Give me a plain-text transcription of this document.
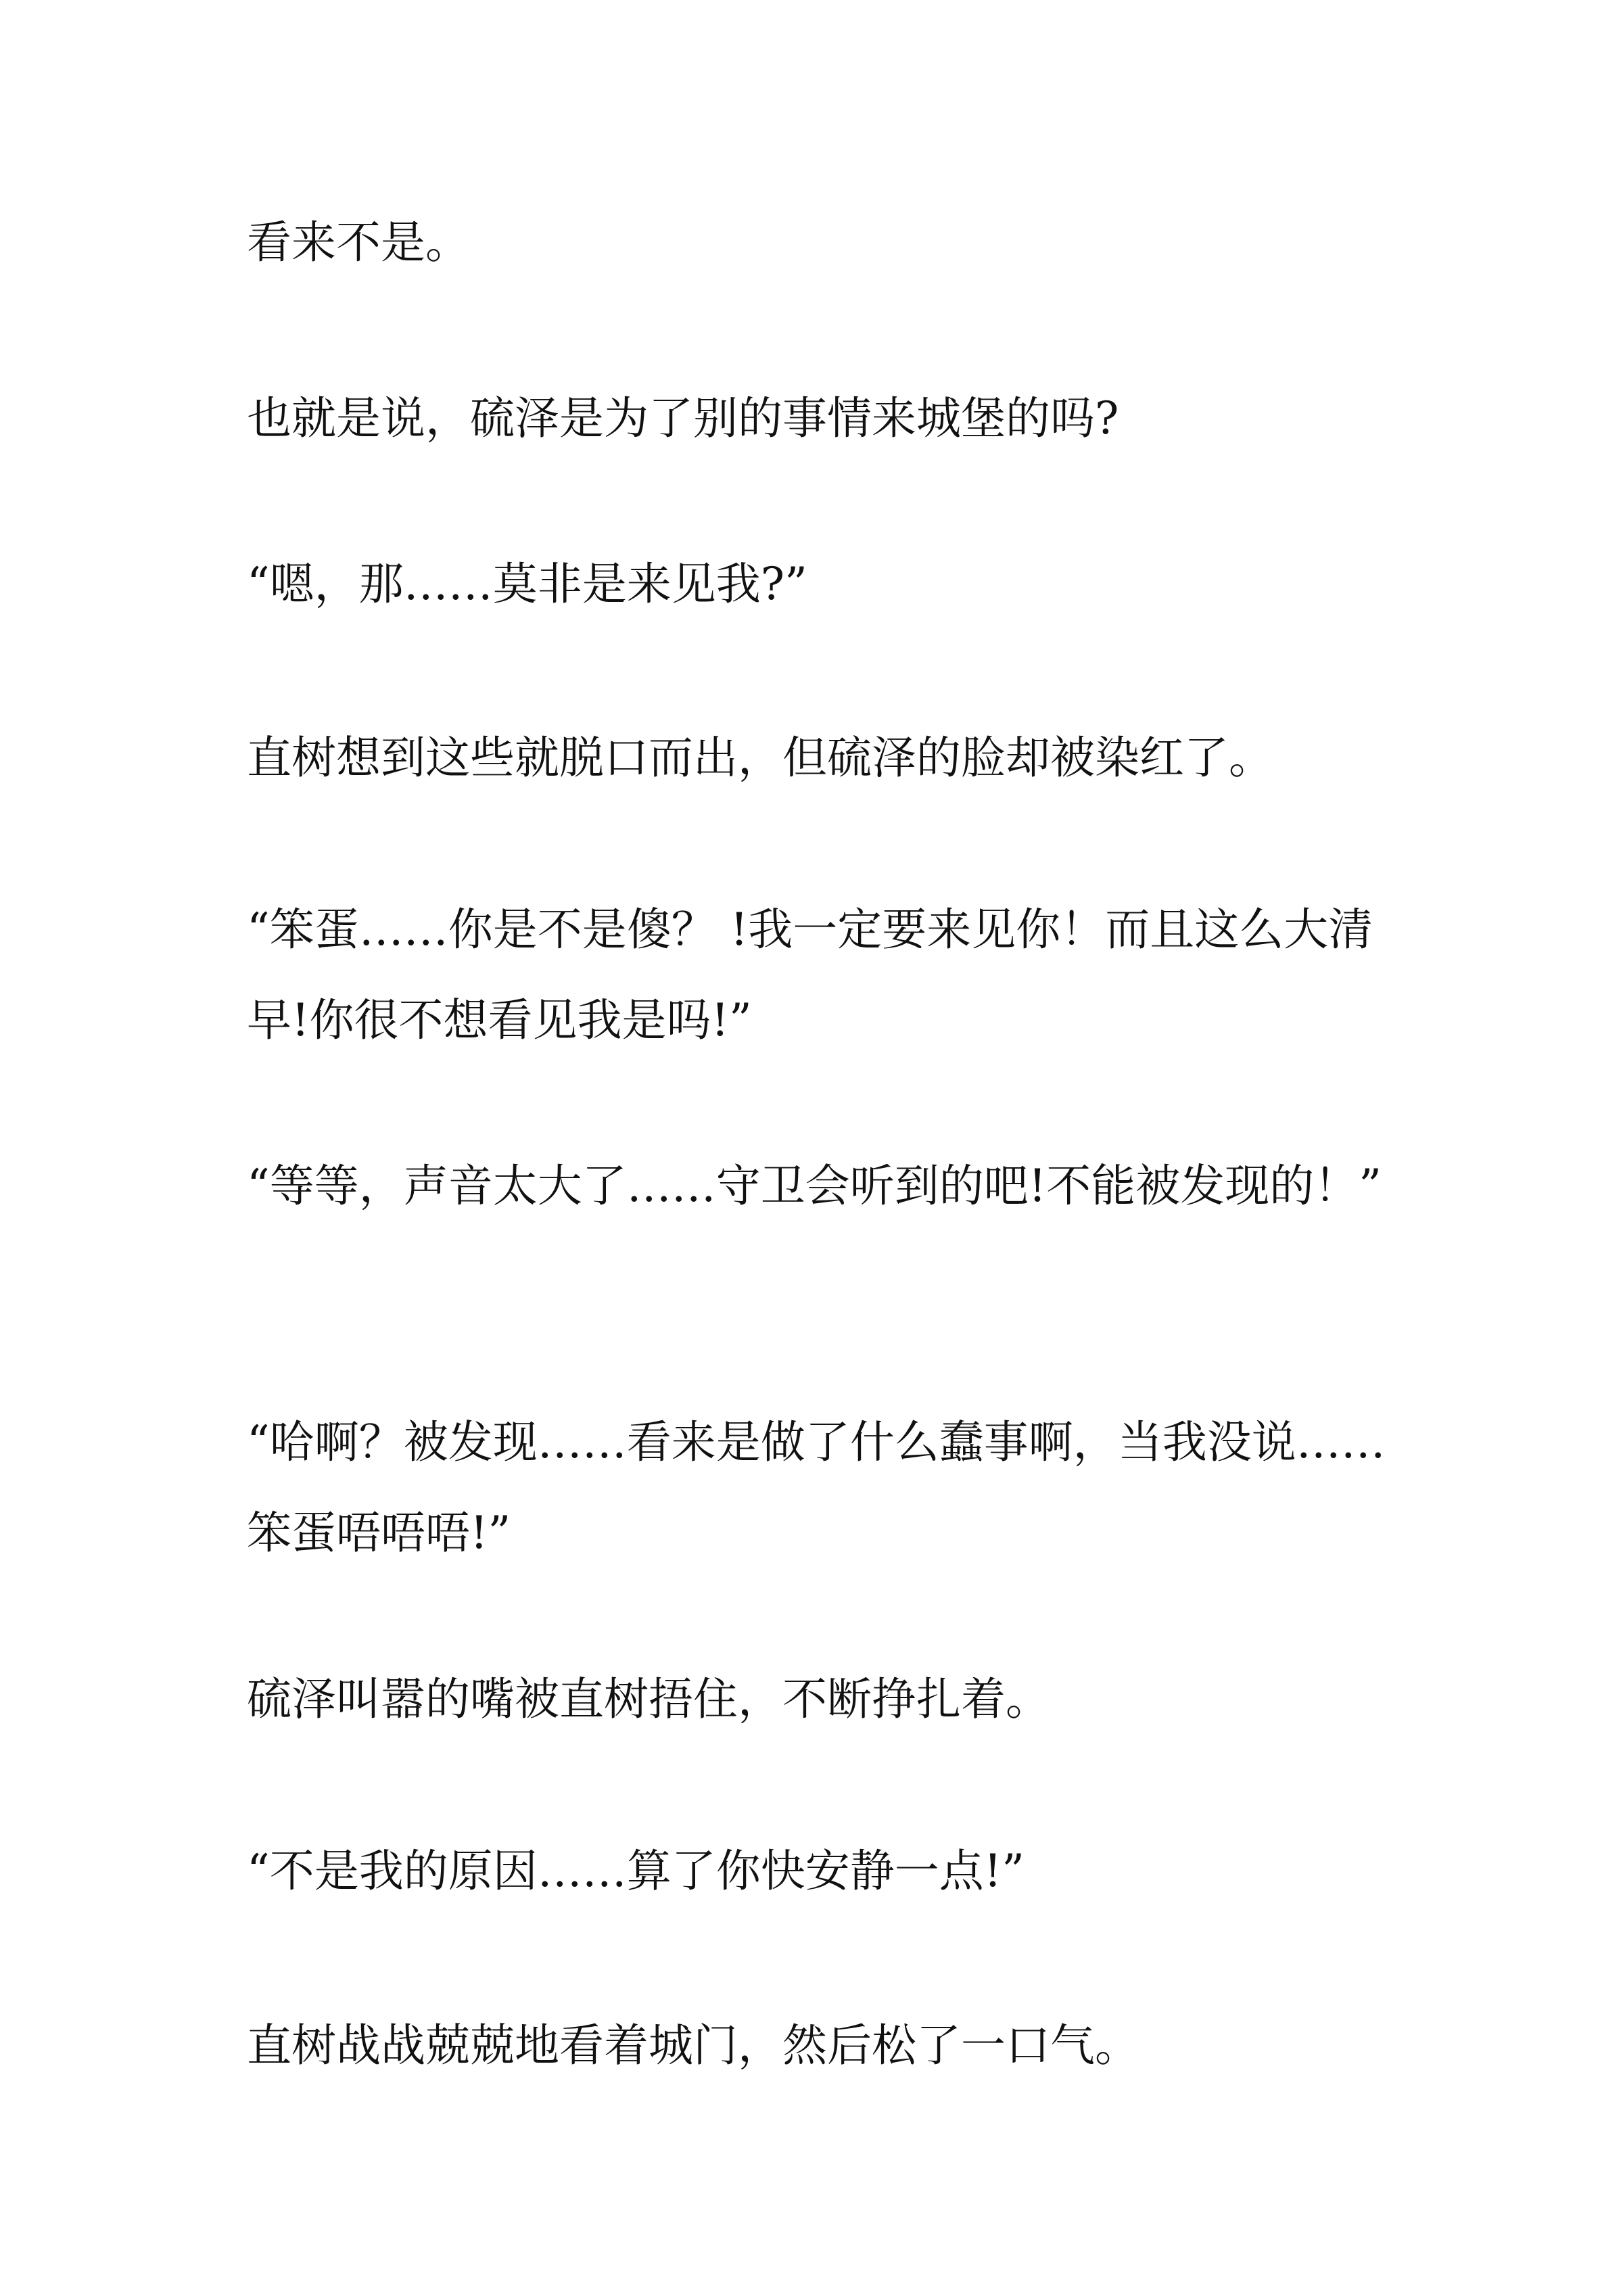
看来不是。

也就是说，硫泽是为了别的事情来城堡的吗?

“嗯，那……莫非是来见我?”

直树想到这些就脱口而出，但硫泽的脸却被染红了。

“笨蛋……你是不是傻？ !我一定要来见你！而且这么大清早!你很不想看见我是吗!”

“等等，声音太大了……守卫会听到的吧!不能被发现的！”

“哈啊？被发现……看来是做了什么蠢事啊，当我没说……笨蛋唔唔唔!”

硫泽叫嚣的嘴被直树捂住，不断挣扎着。

“不是我的原因……算了你快安静一点!”

直树战战兢兢地看着城门，然后松了一口气。
